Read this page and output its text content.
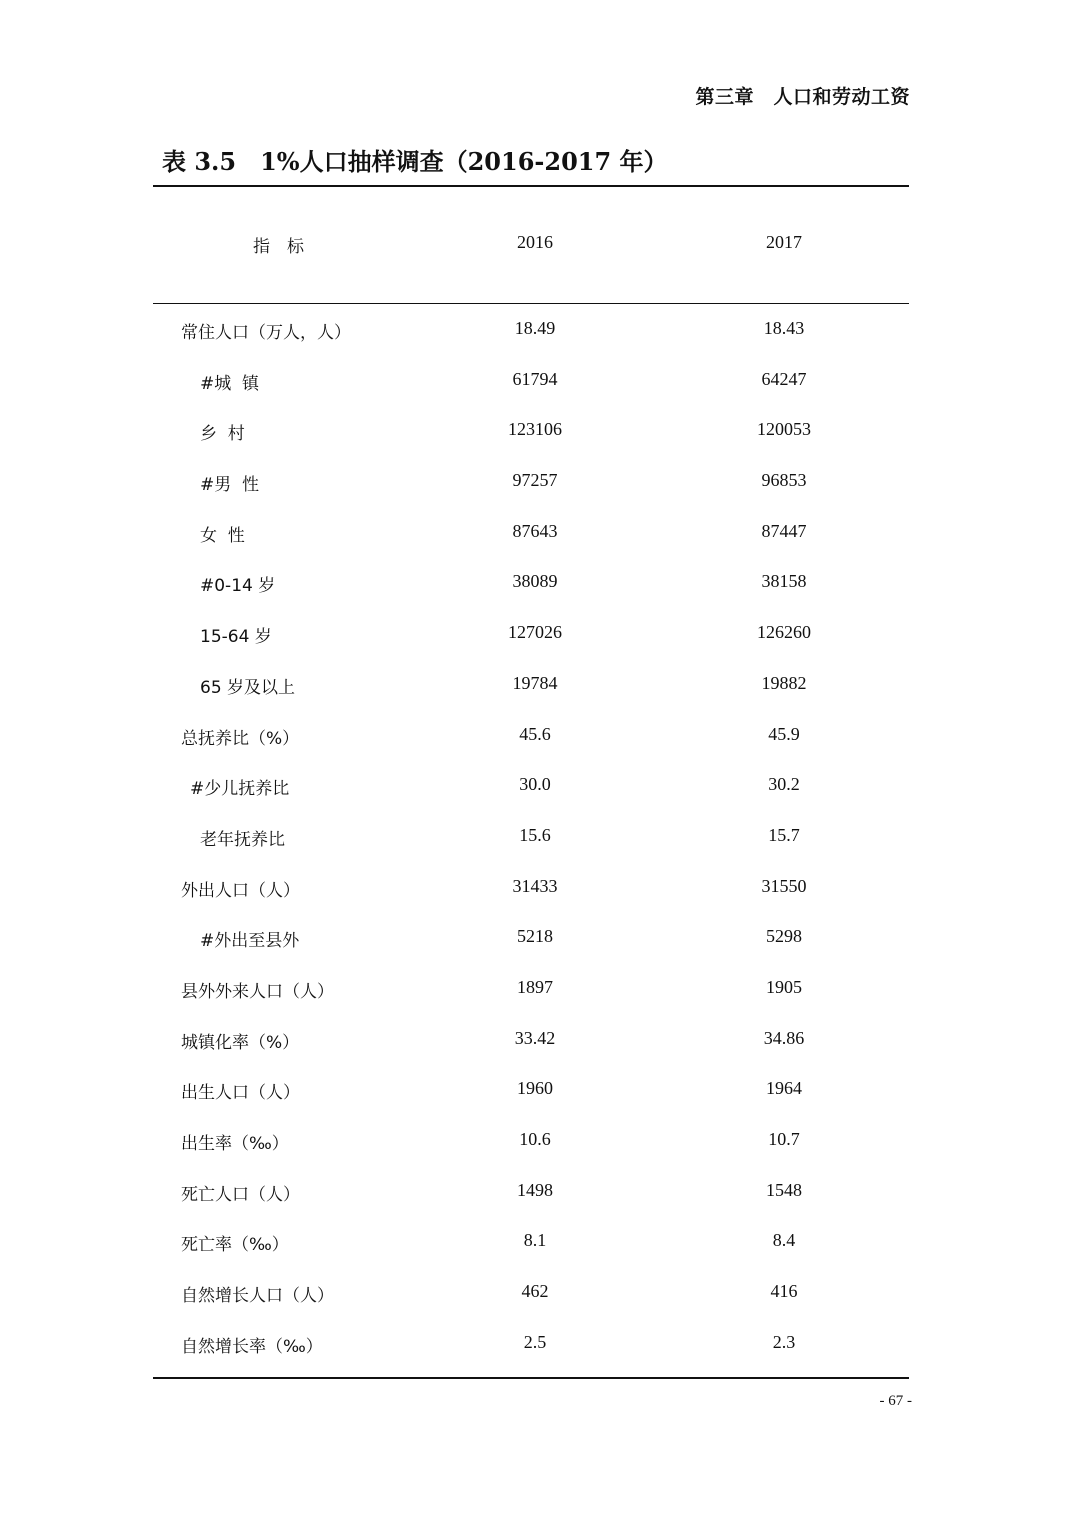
第三章　人口和劳动工资
表 3.5　1%人口抽样调查（2016-2017 年）
指　标	2016	2017
常住人口（万人，人）	18.49	18.43
#城  镇	61794	64247
乡  村	123106	120053
#男  性	97257	96853
女  性	87643	87447
#0-14 岁	38089	38158
15-64 岁	127026	126260
65 岁及以上	19784	19882
总抚养比（%）	45.6	45.9
#少儿抚养比	30.0	30.2
老年抚养比	15.6	15.7
外出人口（人）	31433	31550
#外出至县外	5218	5298
县外外来人口（人）	1897	1905
城镇化率（%）	33.42	34.86
出生人口（人）	1960	1964
出生率（‰）	10.6	10.7
死亡人口（人）	1498	1548
死亡率（‰）	8.1	8.4
自然增长人口（人）	462	416
自然增长率（‰）	2.5	2.3
- 67 -
